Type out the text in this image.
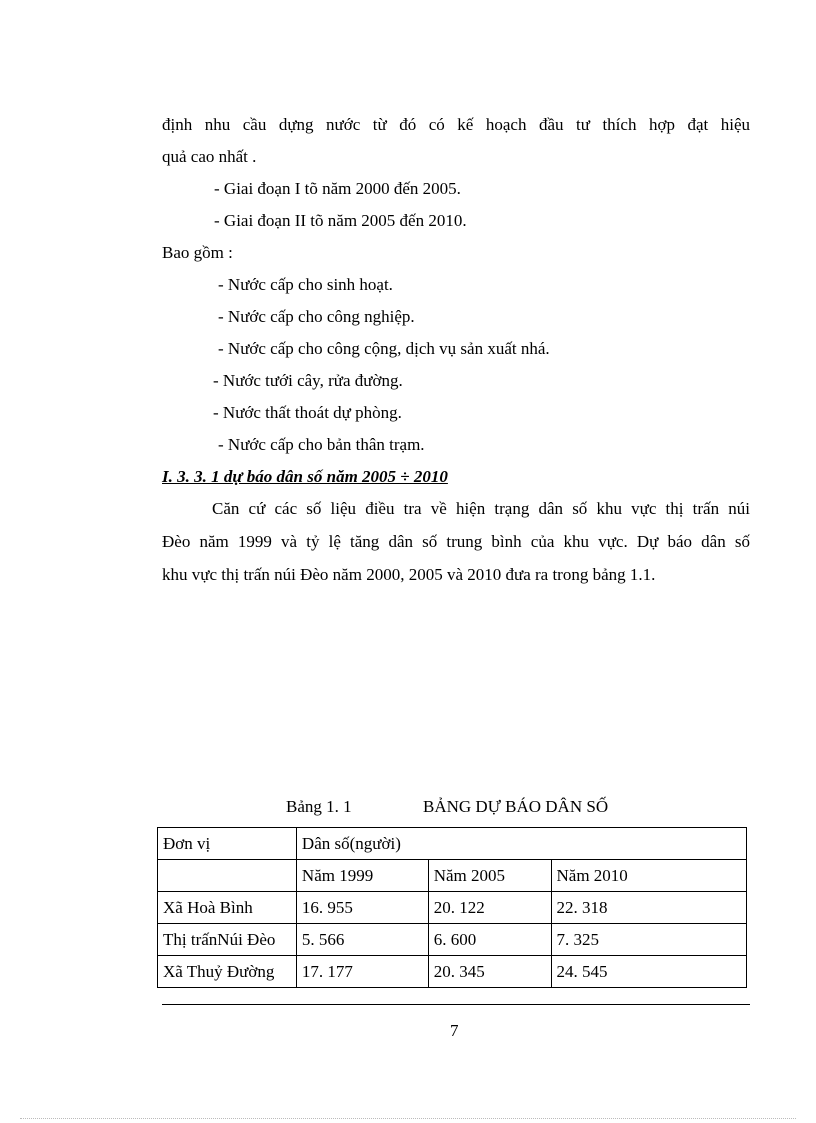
định nhu cầu dựng nước từ đó có kế hoạch đầu tư thích hợp đạt hiệu
quả cao nhất .
- Giai đoạn I tõ năm 2000 đến 2005.
- Giai đoạn II tõ năm 2005 đến 2010.
Bao gồm :
- Nước cấp cho sinh hoạt.
- Nước cấp cho công nghiệp.
- Nước cấp cho công cộng, dịch vụ sản xuất nhá.
- Nước tưới cây, rửa đường.
- Nước thất thoát dự phòng.
- Nước cấp cho bản thân trạm.
I. 3. 3. 1 dự báo dân số năm 2005 ÷ 2010
Căn cứ các số liệu điều tra về hiện trạng dân số khu vực thị trấn núi
Đèo năm 1999 và tỷ lệ tăng dân số trung bình của khu vực. Dự báo dân số
khu vực thị trấn núi Đèo năm 2000, 2005 và 2010 đưa ra trong bảng 1.1.
Bảng 1. 1	BẢNG DỰ BÁO DÂN SỐ
Đơn vị	Dân số(người)		
	Năm 1999	Năm 2005	Năm 2010
Xã Hoà Bình	16. 955	20. 122	22. 318
Thị trấnNúi Đèo	5. 566	6. 600	7. 325
Xã Thuỷ Đường	17. 177	20. 345	24. 545
7
